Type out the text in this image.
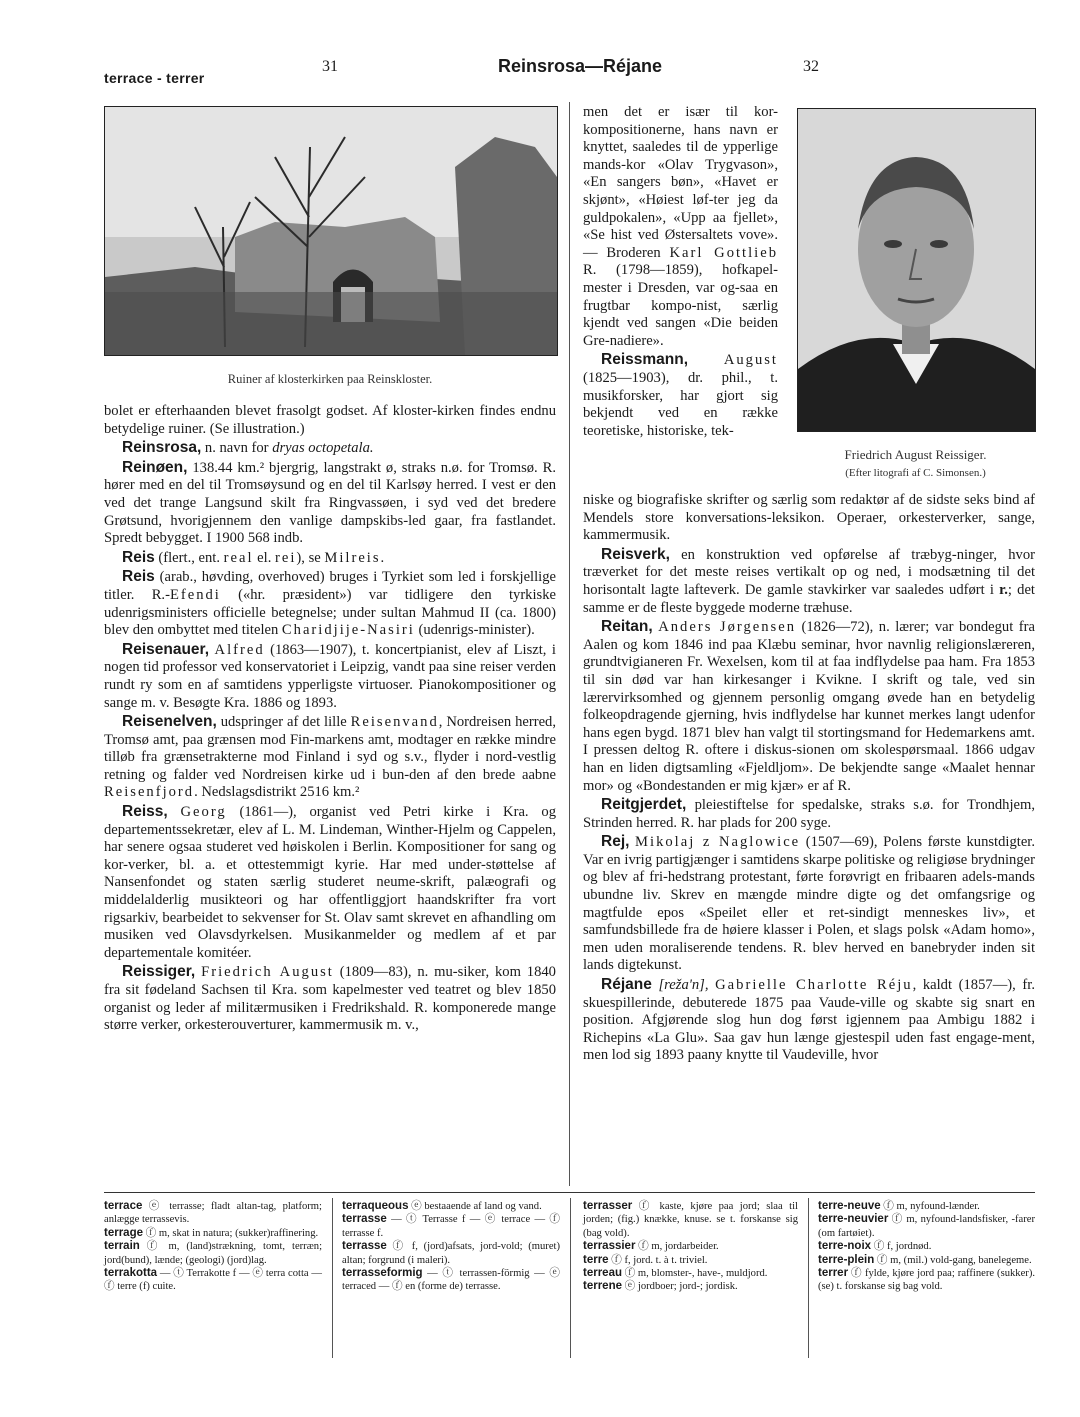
terrace - terrer
31	Reinsrosa—Réjane	32
Ruiner af klosterkirken paa Reinskloster.

bolet er efterhaanden blevet frasolgt godset. Af kloster-kirken findes endnu betydelige ruiner. (Se illustration.)

Reinsrosa, n. navn for dryas octopetala.

Reinøen, 138.44 km.² bjergrig, langstrakt ø, straks n.ø. for Tromsø. R. hører med en del til Tromsøysund og en del til Karlsøy herred. I vest er den ved det trange Langsund skilt fra Ringvassøen, i syd ved det bredere Grøtsund, hvorigjennem den vanlige dampskibs-led gaar, fra fastlandet. Spredt bebygget. I 1900 568 indb.

Reis (flert., ent. real el. rei), se Milreis.

Reis (arab., høvding, overhoved) bruges i Tyrkiet som led i forskjellige titler. R.-Efendi («hr. præsident») var tidligere den tyrkiske udenrigsministers officielle betegnelse; under sultan Mahmud II (ca. 1800) blev den ombyttet med titelen Charidjije-Nasiri (udenrigs-minister).

Reisenauer, Alfred (1863—1907), t. koncertpianist, elev af Liszt, i nogen tid professor ved konservatoriet i Leipzig, vandt paa sine reiser verden rundt ry som en af samtidens ypperligste virtuoser. Pianokompositioner og sange m. v. Besøgte Kra. 1886 og 1893.

Reisenelven, udspringer af det lille Reisenvand, Nordreisen herred, Tromsø amt, paa grænsen mod Fin-markens amt, modtager en række mindre tilløb fra grænsetrakterne mod Finland i syd og s.v., flyder i nord-vestlig retning og falder ved Nordreisen kirke ud i bun-den af den brede aabne Reisenfjord. Nedslagsdistrikt 2516 km.²

Reiss, Georg (1861—), organist ved Petri kirke i Kra. og departementssekretær, elev af L. M. Lindeman, Winther-Hjelm og Cappelen, har senere ogsaa studeret ved høiskolen i Berlin. Kompositioner for sang og kor-verker, bl. a. et ottestemmigt kyrie. Har med under-støttelse af Nansenfondet og staten særlig studeret neume-skrift, palæografi og middelalderlig musikteori og har offentliggjort haandskrifter fra vort rigsarkiv, bearbeidet to sekvenser for St. Olav samt skrevet en afhandling om musiken ved Olavsdyrkelsen. Musikanmelder og medlem af et par departementale komitéer.

Reissiger, Friedrich August (1809—83), n. mu-siker, kom 1840 fra sit fødeland Sachsen til Kra. som kapelmester ved teatret og blev 1850 organist og leder af militærmusiken i Fredrikshald. R. komponerede mange større verker, orkesterouverturer, kammermusik m. v.,

men det er især til kor-kompositionerne, hans navn er knyttet, saaledes til de ypperlige mands-kor «Olav Trygvason», «En sangers bøn», «Havet er skjønt», «Høiest løf-ter jeg da guldpokalen», «Upp aa fjellet», «Se hist ved Østersaltets vove». — Broderen Karl Gottlieb R. (1798—1859), hofkapel-mester i Dresden, var og-saa en frugtbar kompo-nist, særlig kjendt ved sangen «Die beiden Gre-nadiere».

Reissmann, August (1825—1903), dr. phil., t. musikforsker, har gjort sig bekjendt ved en række teoretiske, historiske, tek-

Friedrich August Reissiger.
(Efter litografi af C. Simonsen.)

niske og biografiske skrifter og særlig som redaktør af de sidste seks bind af Mendels store konversations-leksikon. Operaer, orkesterverker, sange, kammermusik.

Reisverk, en konstruktion ved opførelse af træbyg-ninger, hvor træverket for det meste reises vertikalt op og ned, i modsætning til det horisontalt lagte lafteverk. De gamle stavkirker var saaledes udført i r.; det samme er de fleste byggede moderne træhuse.

Reitan, Anders Jørgensen (1826—72), n. lærer; var bondegut fra Aalen og kom 1846 ind paa Klæbu seminar, hvor navnlig religionslæreren, grundtvigianeren Fr. Wexelsen, kom til at faa indflydelse paa ham. Fra 1853 til sin død var han kirkesanger i Kvikne. I skrift og tale, ved sin lærervirksomhed og gjennem personlig omgang øvede han en betydelig folkeopdragende gjerning, hvis indflydelse har kunnet merkes langt udenfor hans egen bygd. 1871 blev han valgt til stortingsmand for Hedemarkens amt. I pressen deltog R. oftere i diskus-sionen om skolespørsmaal. 1866 udgav han en liden digtsamling «Fjeldljom». De bekjendte sange «Maalet hennar mor» og «Bondestanden er mig kjær» er af R.

Reitgjerdet, pleiestiftelse for spedalske, straks s.ø. for Trondhjem, Strinden herred. R. har plads for 200 syge.

Rej, Mikolaj z Naglowice (1507—69), Polens første kunstdigter. Var en ivrig partigjænger i samtidens skarpe politiske og religiøse brydninger og blev af fri-hedstrang protestant, førte forøvrigt en fribaaren adels-mands ubundne liv. Skrev en mængde mindre digte og det omfangsrige og magtfulde epos «Speilet eller et ret-sindigt menneskes liv», et samfundsbillede fra de høiere klasser i Polen, et slags polsk «Adam homo», men uden moraliserende tendens. R. blev herved en banebryder inden sit lands digtekunst.

Réjane [reža'n], Gabrielle Charlotte Réju, kaldt (1857—), fr. skuespillerinde, debuterede 1875 paa Vaude-ville og skabte sig snart en position. Afgjørende slog hun dog først igjennem paa Ambigu 1882 i Richepins «La Glu». Saa gav hun længe gjestespil uden fast engage-ment, men lod sig 1893 paany knytte til Vaudeville, hvor

terrace ⓔ terrasse; fladt altan-tag, platform; anlægge terrassevis.

terrage ⓕ m, skat in natura; (sukker)raffinering.

terrain ⓕ m, (land)strækning, tomt, terræn; jord(bund), lænde; (geologi) (jord)lag.

terrakotta — ⓣ Terrakotte f — ⓔ terra cotta — ⓕ terre (f) cuite.

terraqueous ⓔ bestaaende af land og vand.

terrasse — ⓣ Terrasse f — ⓔ terrace — ⓕ terrasse f.

terrasse ⓕ f, (jord)afsats, jord-vold; (muret) altan; forgrund (i maleri).

terrasseformig — ⓣ terrassen-förmig — ⓔ terraced — ⓕ en (forme de) terrasse.

terrasser ⓕ kaste, kjøre paa jord; slaa til jorden; (fig.) knække, knuse. se t. forskanse sig (bag vold).

terrassier ⓕ m, jordarbeider.

terre ⓕ f, jord. t. à t. triviel.

terreau ⓕ m, blomster-, have-, muldjord.

terrene ⓔ jordboer; jord-; jordisk.

terre-neuve ⓕ m, nyfound-lænder.

terre-neuvier ⓕ m, nyfound-landsfisker, -farer (om fartøiet).

terre-noix ⓕ f, jordnød.

terre-plein ⓕ m, (mil.) vold-gang, banelegeme.

terrer ⓕ fylde, kjøre jord paa; raffinere (sukker). (se) t. forskanse sig bag vold.
